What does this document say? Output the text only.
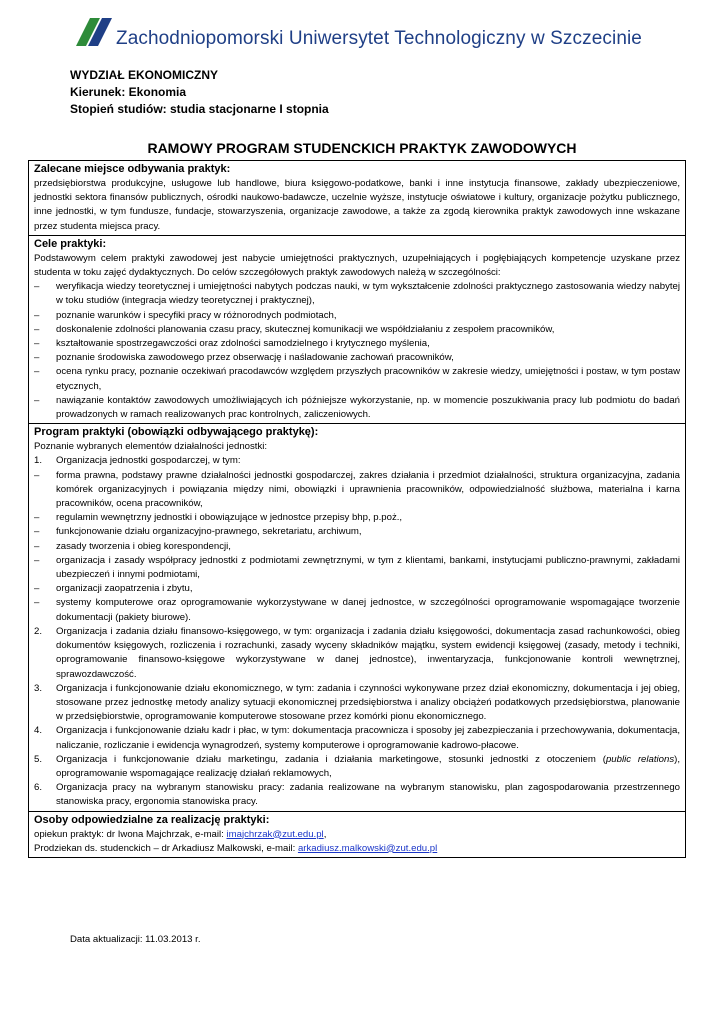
Zachodniopomorski Uniwersytet Technologiczny w Szczecinie
WYDZIAŁ EKONOMICZNY
Kierunek: Ekonomia
Stopień studiów: studia stacjonarne I stopnia
RAMOWY PROGRAM STUDENCKICH PRAKTYK ZAWODOWYCH
Zalecane miejsce odbywania praktyk:

przedsiębiorstwa produkcyjne, usługowe lub handlowe, biura księgowo-podatkowe, banki i inne instytucja finansowe, zakłady ubezpieczeniowe, jednostki sektora finansów publicznych, ośrodki naukowo-badawcze, uczelnie wyższe, instytucje oświatowe i kultury, organizacje pożytku publicznego, inne jednostki, w tym fundusze, fundacje, stowarzyszenia, organizacje zawodowe, a także za zgodą kierownika praktyk zawodowych inne wskazane przez studenta miejsca pracy.

Cele praktyki:

Podstawowym celem praktyki zawodowej jest nabycie umiejętności praktycznych, uzupełniających i pogłębiających kompetencje uzyskane przez studenta w toku zajęć dydaktycznych. Do celów szczegółowych praktyk zawodowych należą w szczególności:

– weryfikacja wiedzy teoretycznej i umiejętności nabytych podczas nauki, w tym wykształcenie zdolności praktycznego zastosowania wiedzy nabytej w toku studiów (integracja wiedzy teoretycznej i praktycznej),
– poznanie warunków i specyfiki pracy w różnorodnych podmiotach,
– doskonalenie zdolności planowania czasu pracy, skutecznej komunikacji we współdziałaniu z zespołem pracowników,
– kształtowanie spostrzegawczości oraz zdolności samodzielnego i krytycznego myślenia,
– poznanie środowiska zawodowego przez obserwację i naśladowanie zachowań pracowników,
– ocena rynku pracy, poznanie oczekiwań pracodawców względem przyszłych pracowników w zakresie wiedzy, umiejętności i postaw, w tym postaw etycznych,
– nawiązanie kontaktów zawodowych umożliwiających ich późniejsze wykorzystanie, np. w momencie poszukiwania pracy lub podmiotu do badań prowadzonych w ramach realizowanych prac kontrolnych, zaliczeniowych.
Program praktyki (obowiązki odbywającego praktykę):

Poznanie wybranych elementów działalności jednostki:

1. Organizacja jednostki gospodarczej, w tym:
– forma prawna, podstawy prawne działalności jednostki gospodarczej, zakres działania i przedmiot działalności, struktura organizacyjna, zadania komórek organizacyjnych i powiązania między nimi, obowiązki i uprawnienia pracowników, odpowiedzialność służbowa, materialna i karna pracowników, ocena pracowników,
– regulamin wewnętrzny jednostki i obowiązujące w jednostce przepisy bhp, p.poż.,
– funkcjonowanie działu organizacyjno-prawnego, sekretariatu, archiwum,
– zasady tworzenia i obieg korespondencji,
– organizacja i zasady współpracy jednostki z podmiotami zewnętrznymi, w tym z klientami, bankami, instytucjami publiczno-prawnymi, zakładami ubezpieczeń i innymi podmiotami,
– organizacji zaopatrzenia i zbytu,
– systemy komputerowe oraz oprogramowanie wykorzystywane w danej jednostce, w szczególności oprogramowanie wspomagające tworzenie dokumentacji (pakiety biurowe).
2. Organizacja i zadania działu finansowo-księgowego, w tym: organizacja i zadania działu księgowości, dokumentacja zasad rachunkowości, obieg dokumentów księgowych, rozliczenia i rozrachunki, zasady wyceny składników majątku, system ewidencji księgowej (zasady, metody i techniki, oprogramowanie finansowo-księgowe wykorzystywane w danej jednostce), inwentaryzacja, funkcjonowanie kontroli wewnętrznej, sprawozdawczość.
3. Organizacja i funkcjonowanie działu ekonomicznego, w tym: zadania i czynności wykonywane przez dział ekonomiczny, dokumentacja i jej obieg, stosowane przez jednostkę metody analizy sytuacji ekonomicznej przedsiębiorstwa i analizy obciążeń podatkowych przedsiębiorstwa, planowanie w przedsiębiorstwie, oprogramowanie komputerowe stosowane przez komórki pionu ekonomicznego.
4. Organizacja i funkcjonowanie działu kadr i płac, w tym: dokumentacja pracownicza i sposoby jej zabezpieczania i przechowywania, dokumentacja, naliczanie, rozliczanie i ewidencja wynagrodzeń, systemy komputerowe i oprogramowanie kadrowo-płacowe.
5. Organizacja i funkcjonowanie działu marketingu, zadania i działania marketingowe, stosunki jednostki z otoczeniem (public relations), oprogramowanie wspomagające realizację działań reklamowych,
6. Organizacja pracy na wybranym stanowisku pracy: zadania realizowane na wybranym stanowisku, plan zagospodarowania przestrzennego stanowiska pracy, ergonomia stanowiska pracy.
Osoby odpowiedzialne za realizację praktyki:
opiekun praktyk: dr Iwona Majchrzak, e-mail: imajchrzak@zut.edu.pl,
Prodziekan ds. studenckich – dr Arkadiusz Malkowski, e-mail: arkadiusz.malkowski@zut.edu.pl
Data aktualizacji: 11.03.2013 r.
